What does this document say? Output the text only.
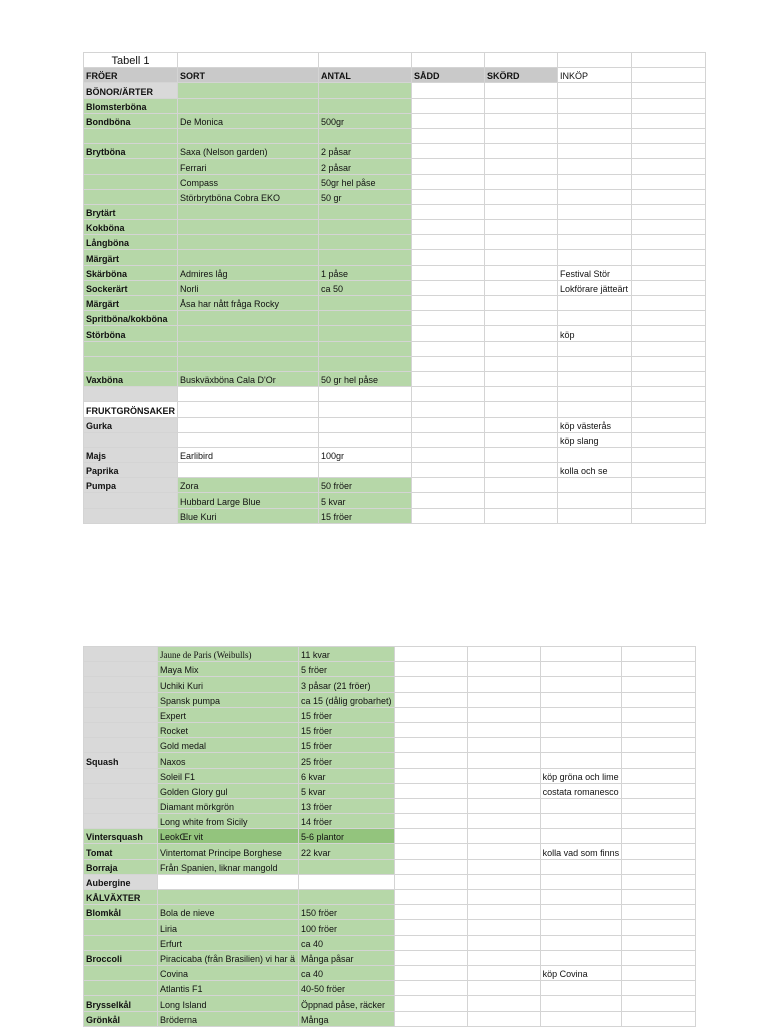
Tabell 1						
FRÖER	SORT	ANTAL	SÅDD	SKÖRD	INKÖP	
BÖNOR/ÄRTER						
Blomsterböna						
Bondböna	De Monica	500gr				

Brytböna	Saxa (Nelson garden)	2 påsar				
	Ferrari	2 påsar				
	Compass	50gr hel påse				
	Störbrytböna Cobra EKO	50 gr				
Brytärt						
Kokböna						
Långböna						
Märgärt						
Skärböna	Admires låg	1 påse			Festival Stör	
Sockerärt	Norli	ca 50			Lokförare jätteärt	
Märgärt	Åsa har nått fråga Rocky					
Spritböna/kokböna						
Störböna					köp	

Vaxböna	Buskväxböna Cala D'Or	50 gr hel påse				

FRUKTGRÖNSAKER						
Gurka					köp västerås	
					köp slang	
Majs	Earlibird	100gr				
Paprika					kolla och se	
Pumpa	Zora	50 fröer				
	Hubbard Large Blue	5 kvar				
	Blue Kuri	15 fröer				
	Jaune de Paris (Weibulls)	11 kvar				
	Maya Mix	5 fröer				
	Uchiki Kuri	3 påsar (21 fröer)				
	Spansk pumpa	ca 15 (dålig grobarhet)				
	Expert	15 fröer				
	Rocket	15 fröer				
	Gold medal	15 fröer				
Squash	Naxos	25 fröer				
	Soleil F1	6 kvar			köp gröna och lime	
	Golden Glory gul	5 kvar			costata romanesco	
	Diamant mörkgrön	13 fröer				
	Long white from Sicily	14 fröer				
Vintersquash	LeokŒr vit	5-6 plantor				
Tomat	Vintertomat Principe Borghese	22 kvar			kolla vad som finns	
Borraja	Från Spanien, liknar mangold					
Aubergine						
KÅLVÄXTER						
Blomkål	Bola de nieve	150 fröer				
	Liria	100 fröer				
	Erfurt	ca 40				
Broccoli	Piracicaba (från Brasilien) vi har ä	Många påsar				
	Covina	ca 40			köp Covina	
	Atlantis F1	40-50 fröer				
Brysselkål	Long Island	Öppnad påse, räcker				
Grönkål	Bröderna	Många				
